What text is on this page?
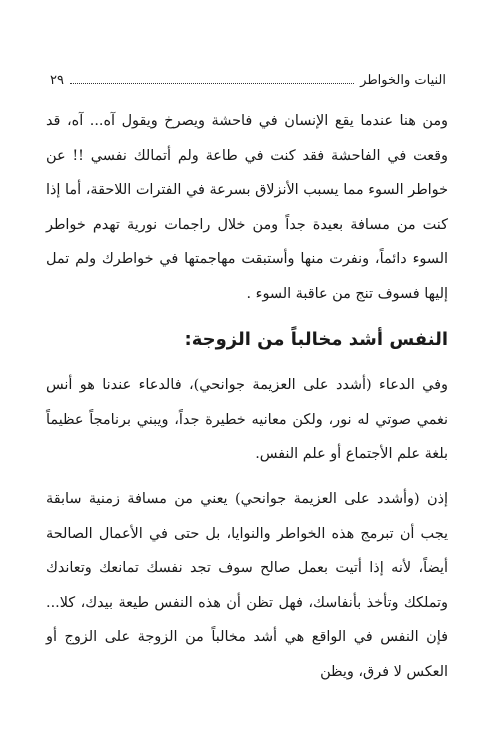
النيات والخواطر
٢٩

ومن هنا عندما يقع الإنسان في فاحشة ويصرخ ويقول آه... آه، قد وقعت في الفاحشة فقد كنت في طاعة ولم أتمالك نفسي !! عن خواطر السوء مما يسبب الأنزلاق بسرعة في الفترات اللاحقة، أما إذا كنت من مسافة بعيدة جداً ومن خلال راجمات نورية تهدم خواطر السوء دائماً، ونفرت منها وأستبقت مهاجمتها في خواطرك ولم تمل إليها فسوف تنج من عاقبة السوء .

النفس أشد مخالباً من الزوجة:

وفي الدعاء (أشدد على العزيمة جوانحي)، فالدعاء عندنا هو أنس نغمي صوتي له نور، ولكن معانيه خطيرة جداً، ويبني برنامجاً عظيماً بلغة علم الأجتماع أو علم النفس.

إذن (وأشدد على العزيمة جوانحي) يعني من مسافة زمنية سابقة يجب أن تبرمج هذه الخواطر والنوايا، بل حتى في الأعمال الصالحة أيضاً، لأنه إذا أتيت بعمل صالح سوف تجد نفسك تمانعك وتعاندك وتملكك وتأخذ بأنفاسك، فهل تظن أن هذه النفس طيعة بيدك، كلا... فإن النفس في الواقع هي أشد مخالباً من الزوجة على الزوج أو العكس لا فرق، ويظن
